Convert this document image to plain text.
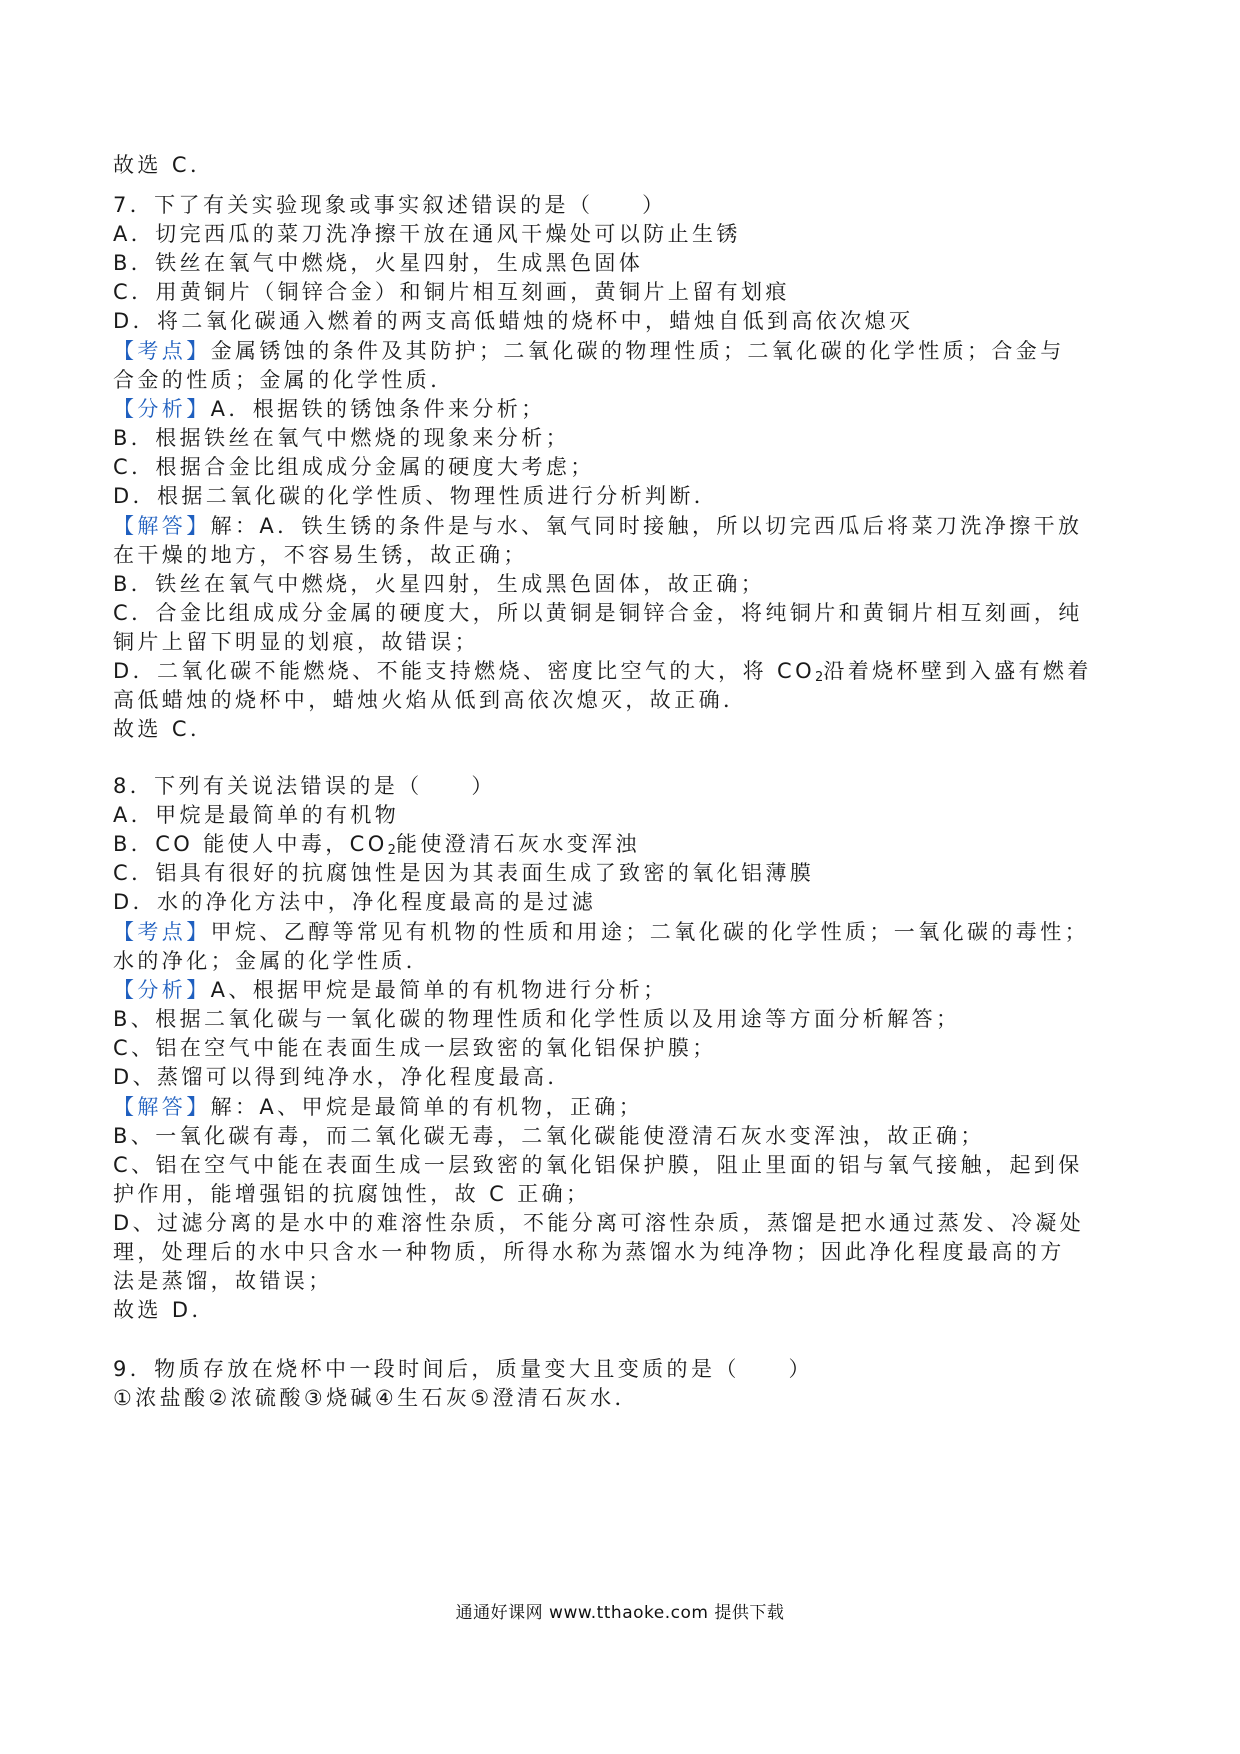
故选 C．
7．下了有关实验现象或事实叙述错误的是（　　）
A．切完西瓜的菜刀洗净擦干放在通风干燥处可以防止生锈
B．铁丝在氧气中燃烧，火星四射，生成黑色固体
C．用黄铜片（铜锌合金）和铜片相互刻画，黄铜片上留有划痕
D．将二氧化碳通入燃着的两支高低蜡烛的烧杯中，蜡烛自低到高依次熄灭
【考点】金属锈蚀的条件及其防护；二氧化碳的物理性质；二氧化碳的化学性质；合金与
合金的性质；金属的化学性质．
【分析】A．根据铁的锈蚀条件来分析；
B．根据铁丝在氧气中燃烧的现象来分析；
C．根据合金比组成成分金属的硬度大考虑；
D．根据二氧化碳的化学性质、物理性质进行分析判断．
【解答】解：A．铁生锈的条件是与水、氧气同时接触，所以切完西瓜后将菜刀洗净擦干放
在干燥的地方，不容易生锈，故正确；
B．铁丝在氧气中燃烧，火星四射，生成黑色固体，故正确；
C．合金比组成成分金属的硬度大，所以黄铜是铜锌合金，将纯铜片和黄铜片相互刻画，纯
铜片上留下明显的划痕，故错误；
D．二氧化碳不能燃烧、不能支持燃烧、密度比空气的大，将 $CO_2$沿着烧杯壁到入盛有燃着
高低蜡烛的烧杯中，蜡烛火焰从低到高依次熄灭，故正确．
故选 C．
8．下列有关说法错误的是（　　）
A．甲烷是最简单的有机物
B．CO 能使人中毒，$CO_2$能使澄清石灰水变浑浊
C．铝具有很好的抗腐蚀性是因为其表面生成了致密的氧化铝薄膜
D．水的净化方法中，净化程度最高的是过滤
【考点】甲烷、乙醇等常见有机物的性质和用途；二氧化碳的化学性质；一氧化碳的毒性；
水的净化；金属的化学性质．
【分析】A、根据甲烷是最简单的有机物进行分析；
B、根据二氧化碳与一氧化碳的物理性质和化学性质以及用途等方面分析解答；
C、铝在空气中能在表面生成一层致密的氧化铝保护膜；
D、蒸馏可以得到纯净水，净化程度最高．
【解答】解：A、甲烷是最简单的有机物，正确；
B、一氧化碳有毒，而二氧化碳无毒，二氧化碳能使澄清石灰水变浑浊，故正确；
C、铝在空气中能在表面生成一层致密的氧化铝保护膜，阻止里面的铝与氧气接触，起到保
护作用，能增强铝的抗腐蚀性，故 C 正确；
D、过滤分离的是水中的难溶性杂质，不能分离可溶性杂质，蒸馏是把水通过蒸发、冷凝处
理，处理后的水中只含水一种物质，所得水称为蒸馏水为纯净物；因此净化程度最高的方
法是蒸馏，故错误；
故选 D．
9．物质存放在烧杯中一段时间后，质量变大且变质的是（　　）
①浓盐酸②浓硫酸③烧碱④生石灰⑤澄清石灰水．
通通好课网 www.tthaoke.com 提供下载
